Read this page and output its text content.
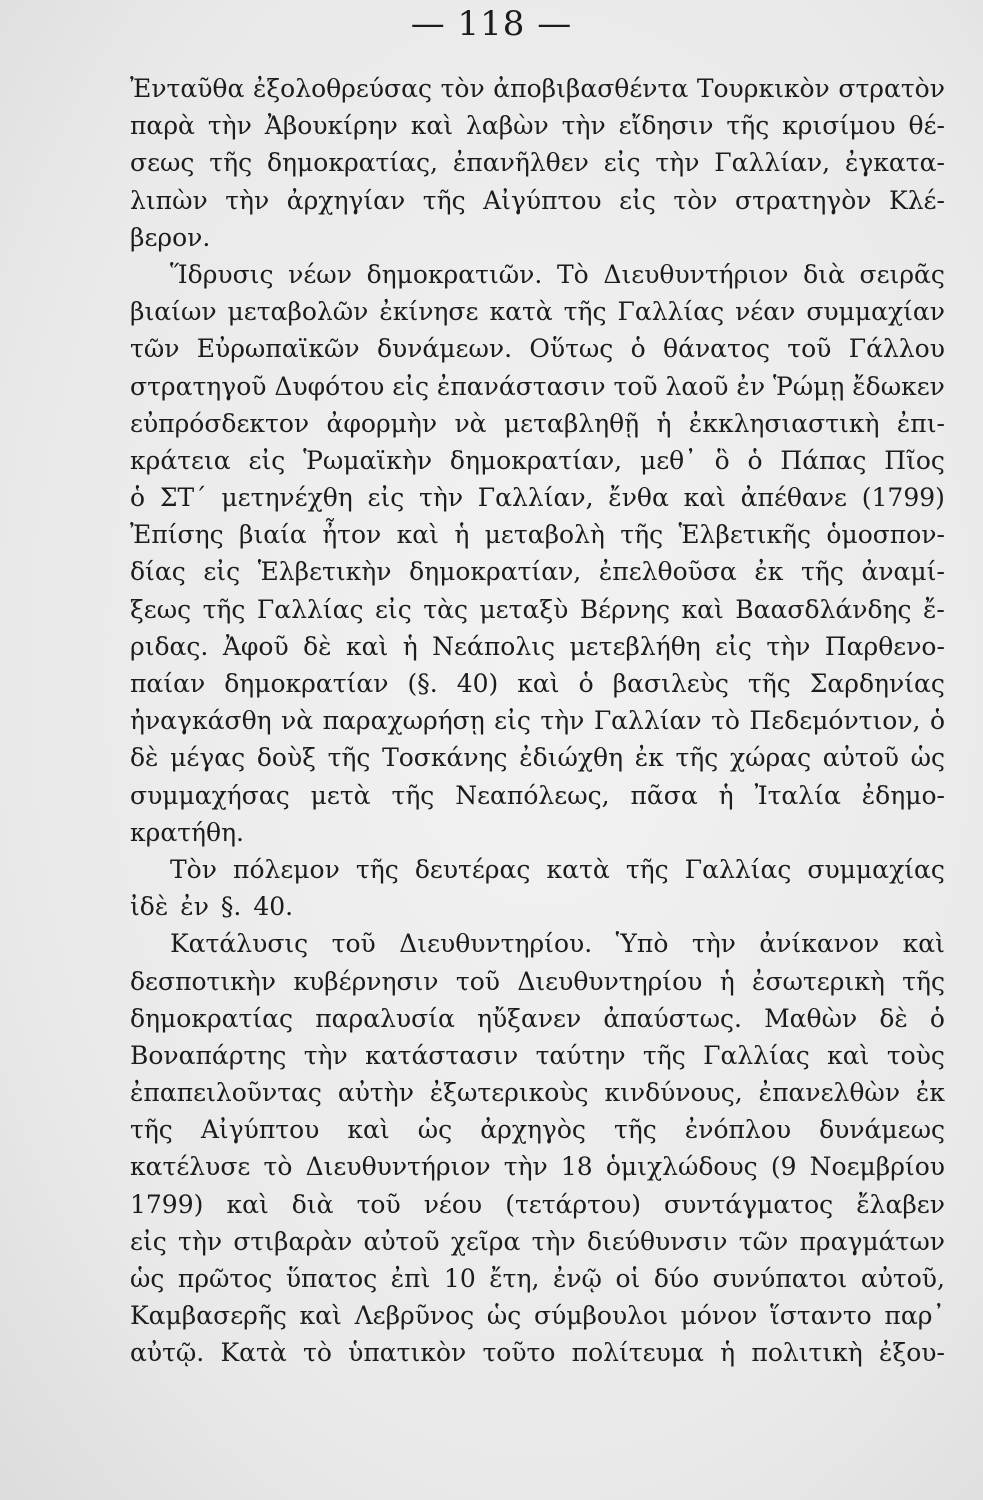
— 118 —
Ἐνταῦθα ἐξολοθρεύσας τὸν ἀποβιβασθέντα Τουρκικὸν στρατὸν
παρὰ τὴν Ἀβουκίρην καὶ λαβὼν τὴν εἴδησιν τῆς κρισίμου θέ-
σεως τῆς δημοκρατίας, ἐπανῆλθεν εἰς τὴν Γαλλίαν, ἐγκατα-
λιπὼν τὴν ἀρχηγίαν τῆς Αἰγύπτου εἰς τὸν στρατηγὸν Κλέ-
βερον.
Ἵδρυσις νέων δημοκρατιῶν. Τὸ Διευθυντήριον διὰ σειρᾶς
βιαίων μεταβολῶν ἐκίνησε κατὰ τῆς Γαλλίας νέαν συμμαχίαν
τῶν Εὐρωπαϊκῶν δυνάμεων. Οὕτως ὁ θάνατος τοῦ Γάλλου
στρατηγοῦ Δυφότου εἰς ἐπανάστασιν τοῦ λαοῦ ἐν Ῥώμῃ ἔδωκεν
εὐπρόσδεκτον ἀφορμὴν νὰ μεταβληθῇ ἡ ἐκκλησιαστικὴ ἐπι-
κράτεια εἰς Ῥωμαϊκὴν δημοκρατίαν, μεθ᾽ ὃ ὁ Πάπας Πῖος
ὁ ΣΤ΄ μετηνέχθη εἰς τὴν Γαλλίαν, ἔνθα καὶ ἀπέθανε (1799)
Ἐπίσης βιαία ἦτον καὶ ἡ μεταβολὴ τῆς Ἑλβετικῆς ὁμοσπον-
δίας εἰς Ἑλβετικὴν δημοκρατίαν, ἐπελθοῦσα ἐκ τῆς ἀναμί-
ξεως τῆς Γαλλίας εἰς τὰς μεταξὺ Βέρνης καὶ Βαασδλάνδης ἔ-
ριδας. Ἀφοῦ δὲ καὶ ἡ Νεάπολις μετεβλήθη εἰς τὴν Παρθενο-
παίαν δημοκρατίαν (§. 40) καὶ ὁ βασιλεὺς τῆς Σαρδηνίας
ἠναγκάσθη νὰ παραχωρήσῃ εἰς τὴν Γαλλίαν τὸ Πεδεμόντιον, ὁ
δὲ μέγας δοὺξ τῆς Τοσκάνης ἐδιώχθη ἐκ τῆς χώρας αὐτοῦ ὡς
συμμαχήσας μετὰ τῆς Νεαπόλεως, πᾶσα ἡ Ἰταλία ἐδημο-
κρατήθη.
Τὸν πόλεμον τῆς δευτέρας κατὰ τῆς Γαλλίας συμμαχίας
ἰδὲ ἐν §. 40.
Κατάλυσις τοῦ Διευθυντηρίου. Ὑπὸ τὴν ἀνίκανον καὶ
δεσποτικὴν κυβέρνησιν τοῦ Διευθυντηρίου ἡ ἐσωτερικὴ τῆς
δημοκρατίας παραλυσία ηὔξανεν ἀπαύστως. Μαθὼν δὲ ὁ
Βοναπάρτης τὴν κατάστασιν ταύτην τῆς Γαλλίας καὶ τοὺς
ἐπαπειλοῦντας αὐτὴν ἐξωτερικοὺς κινδύνους, ἐπανελθὼν ἐκ
τῆς Αἰγύπτου καὶ ὡς ἀρχηγὸς τῆς ἐνόπλου δυνάμεως
κατέλυσε τὸ Διευθυντήριον τὴν 18 ὁμιχλώδους (9 Νοεμβρίου
1799) καὶ διὰ τοῦ νέου (τετάρτου) συντάγματος ἔλαβεν
εἰς τὴν στιβαρὰν αὐτοῦ χεῖρα τὴν διεύθυνσιν τῶν πραγμάτων
ὡς πρῶτος ὕπατος ἐπὶ 10 ἔτη, ἐνῷ οἱ δύο συνύπατοι αὐτοῦ,
Καμβασερῆς καὶ Λεβρῦνος ὡς σύμβουλοι μόνον ἵσταντο παρ᾽
αὐτῷ. Κατὰ τὸ ὑπατικὸν τοῦτο πολίτευμα ἡ πολιτικὴ ἐξου-
